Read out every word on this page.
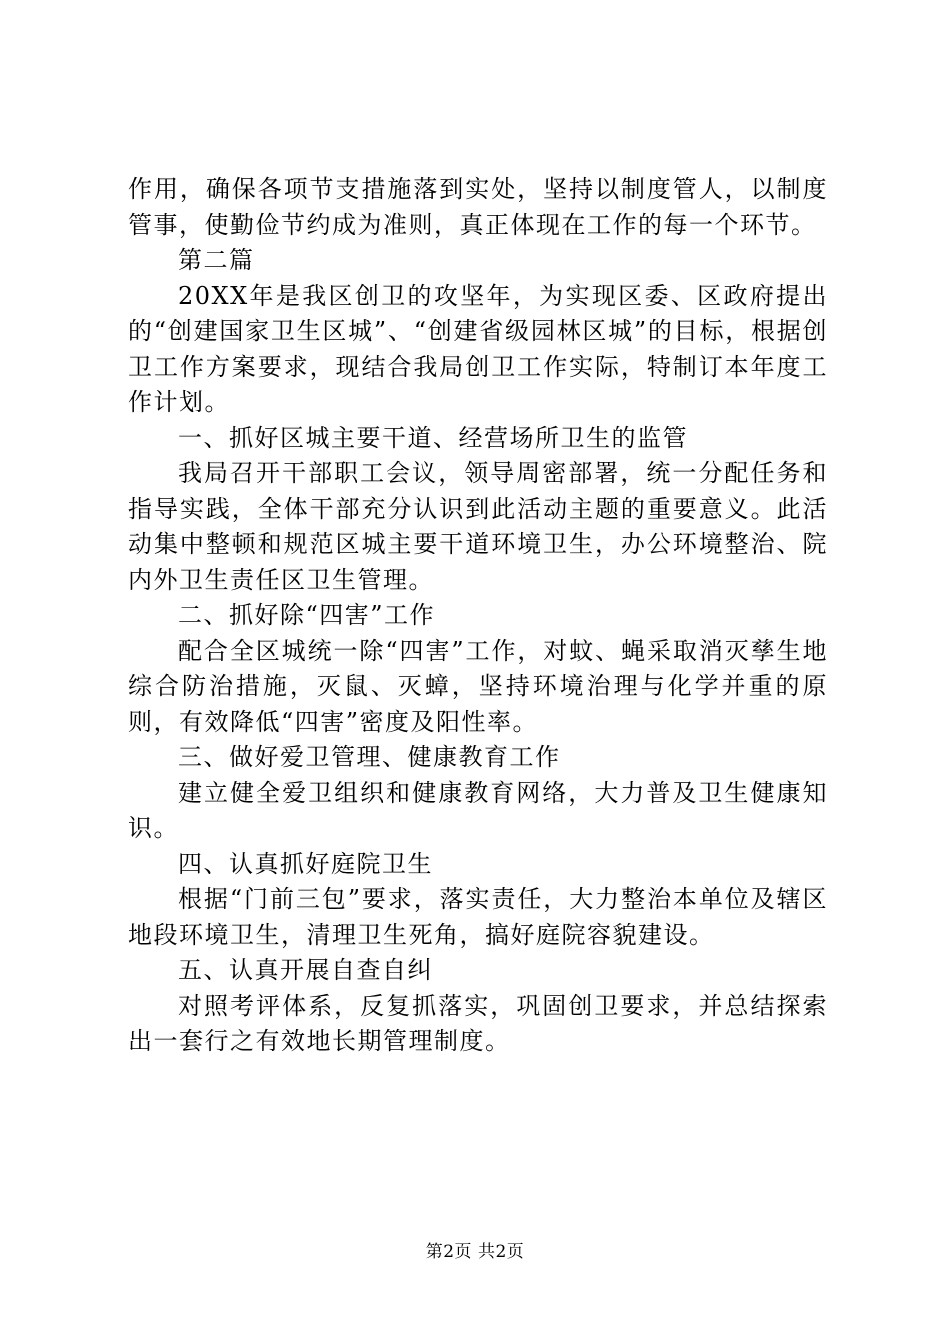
作用，确保各项节支措施落到实处，坚持以制度管人，以制度管事，使勤俭节约成为准则，真正体现在工作的每一个环节。

第二篇

20XX年是我区创卫的攻坚年，为实现区委、区政府提出的“创建国家卫生区城”、“创建省级园林区城”的目标，根据创卫工作方案要求，现结合我局创卫工作实际，特制订本年度工作计划。

一、抓好区城主要干道、经营场所卫生的监管

我局召开干部职工会议，领导周密部署，统一分配任务和指导实践，全体干部充分认识到此活动主题的重要意义。此活动集中整顿和规范区城主要干道环境卫生，办公环境整治、院内外卫生责任区卫生管理。

二、抓好除“四害”工作

配合全区城统一除“四害”工作，对蚊、蝇采取消灭孳生地综合防治措施，灭鼠、灭蟑，坚持环境治理与化学并重的原则，有效降低“四害”密度及阳性率。

三、做好爱卫管理、健康教育工作

建立健全爱卫组织和健康教育网络，大力普及卫生健康知识。

四、认真抓好庭院卫生

根据“门前三包”要求，落实责任，大力整治本单位及辖区地段环境卫生，清理卫生死角，搞好庭院容貌建设。

五、认真开展自查自纠

对照考评体系，反复抓落实，巩固创卫要求，并总结探索出一套行之有效地长期管理制度。

第2页 共2页
